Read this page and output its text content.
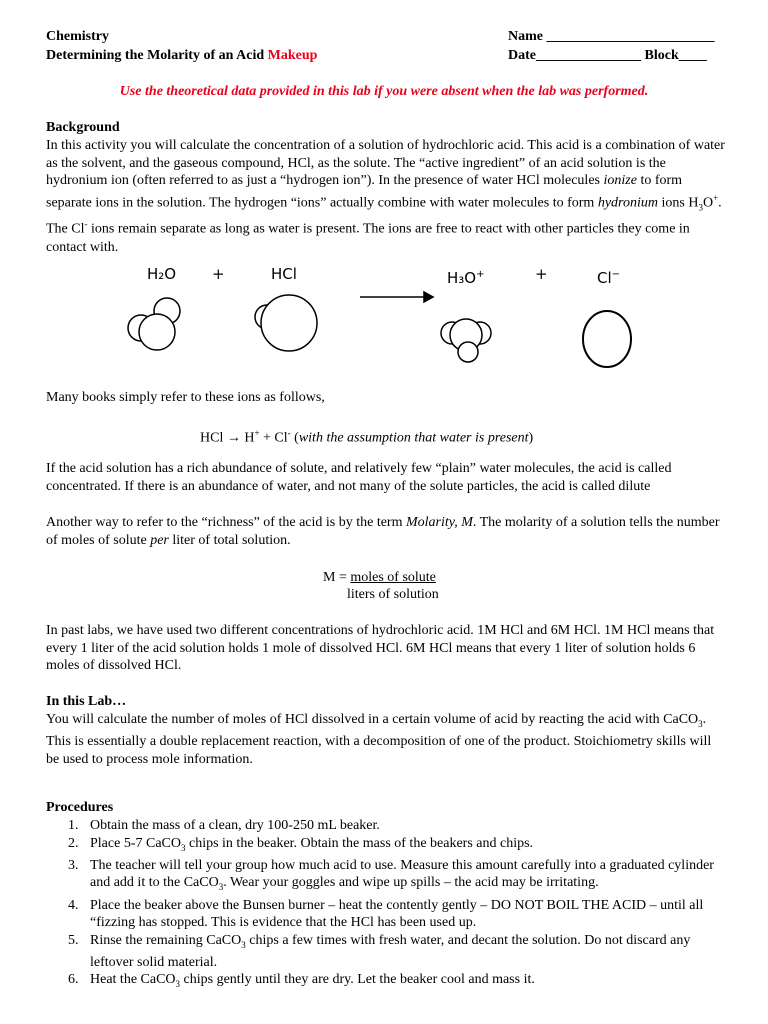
Chemistry
Determining the Molarity of an Acid Makeup
Name ________________________
Date_______________ Block____
Use the theoretical data provided in this lab if you were absent when the lab was performed.
Background

In this activity you will calculate the concentration of a solution of hydrochloric acid. This acid is a combination of water as the solvent, and the gaseous compound, HCl, as the solute. The “active ingredient” of an acid solution is the hydronium ion (often referred to as just a “hydrogen ion”). In the presence of water HCl molecules ionize to form separate ions in the solution. The hydrogen “ions” actually combine with water molecules to form hydronium ions $H_3O^+$. The Cl- ions remain separate as long as water is present. The ions are free to react with other particles they come in contact with.

H₂O +	HCl	H₃O+	+	Cl−

Many books simply refer to these ions as follows,

HCl → H+ + Cl- (with the assumption that water is present)

If the acid solution has a rich abundance of solute, and relatively few “plain” water molecules, the acid is called concentrated. If there is an abundance of water, and not many of the solute particles, the acid is called dilute

Another way to refer to the “richness” of the acid is by the term Molarity, M. The molarity of a solution tells the number of moles of solute per liter of total solution.

M = moles of solute
liters of solution

In past labs, we have used two different concentrations of hydrochloric acid. 1M HCl and 6M HCl. 1M HCl means that every 1 liter of the acid solution holds 1 mole of dissolved HCl. 6M HCl means that every 1 liter of solution holds 6 moles of dissolved HCl.

In this Lab…

You will calculate the number of moles of HCl dissolved in a certain volume of acid by reacting the acid with CaCO$_3$. This is essentially a double replacement reaction, with a decomposition of one of the product. Stoichiometry skills will be used to process mole information.

Procedures
1. Obtain the mass of a clean, dry 100-250 mL beaker.
2. Place 5-7 CaCO$_3$ chips in the beaker. Obtain the mass of the beakers and chips.
3. The teacher will tell your group how much acid to use. Measure this amount carefully into a graduated cylinder and add it to the CaCO$_3$. Wear your goggles and wipe up spills – the acid may be irritating.
4. Place the beaker above the Bunsen burner – heat the contently gently – DO NOT BOIL THE ACID – until all “fizzing has stopped. This is evidence that the HCl has been used up.
5. Rinse the remaining CaCO$_3$ chips a few times with fresh water, and decant the solution. Do not discard any leftover solid material.
6. Heat the CaCO$_3$ chips gently until they are dry. Let the beaker cool and mass it.
